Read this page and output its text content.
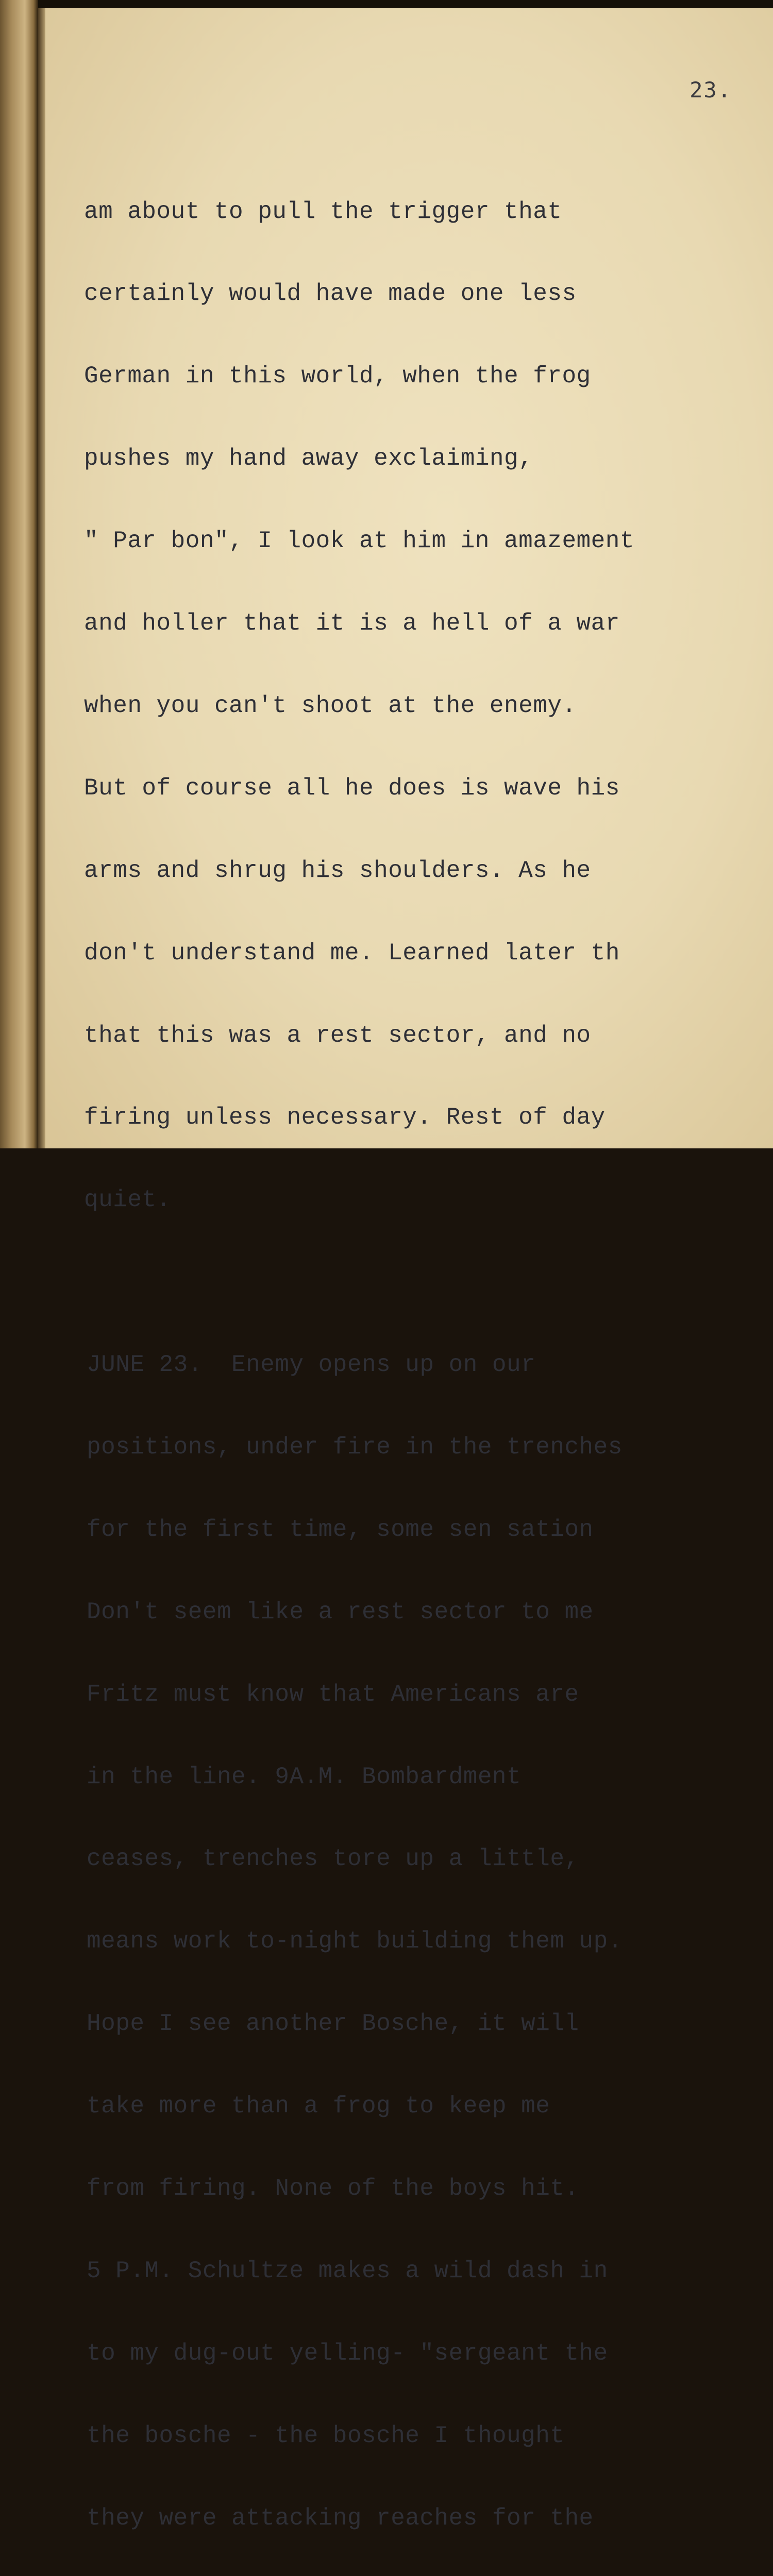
23.

am about to pull the trigger that

certainly would have made one less

German in this world, when the frog

pushes my hand away exclaiming,

" Par bon", I look at him in amazement

and holler that it is a hell of a war

when you can't shoot at the enemy.

But of course all he does is wave his

arms and shrug his shoulders. As he

don't understand me. Learned later th

that this was a rest sector, and no

firing unless necessary. Rest of day

quiet.

JUNE 23.  Enemy opens up on our

positions, under fire in the trenches

for the first time, some sen sation

Don't seem like a rest sector to me

Fritz must know that Americans are

in the line. 9A.M. Bombardment

ceases, trenches tore up a little,

means work to-night building them up.

Hope I see another Bosche, it will

take more than a frog to keep me

from firing. None of the boys hit.

5 P.M. Schultze makes a wild dash in

to my dug-out yelling- "sergeant the

the bosche - the bosche I thought

they were attacking reaches for the
